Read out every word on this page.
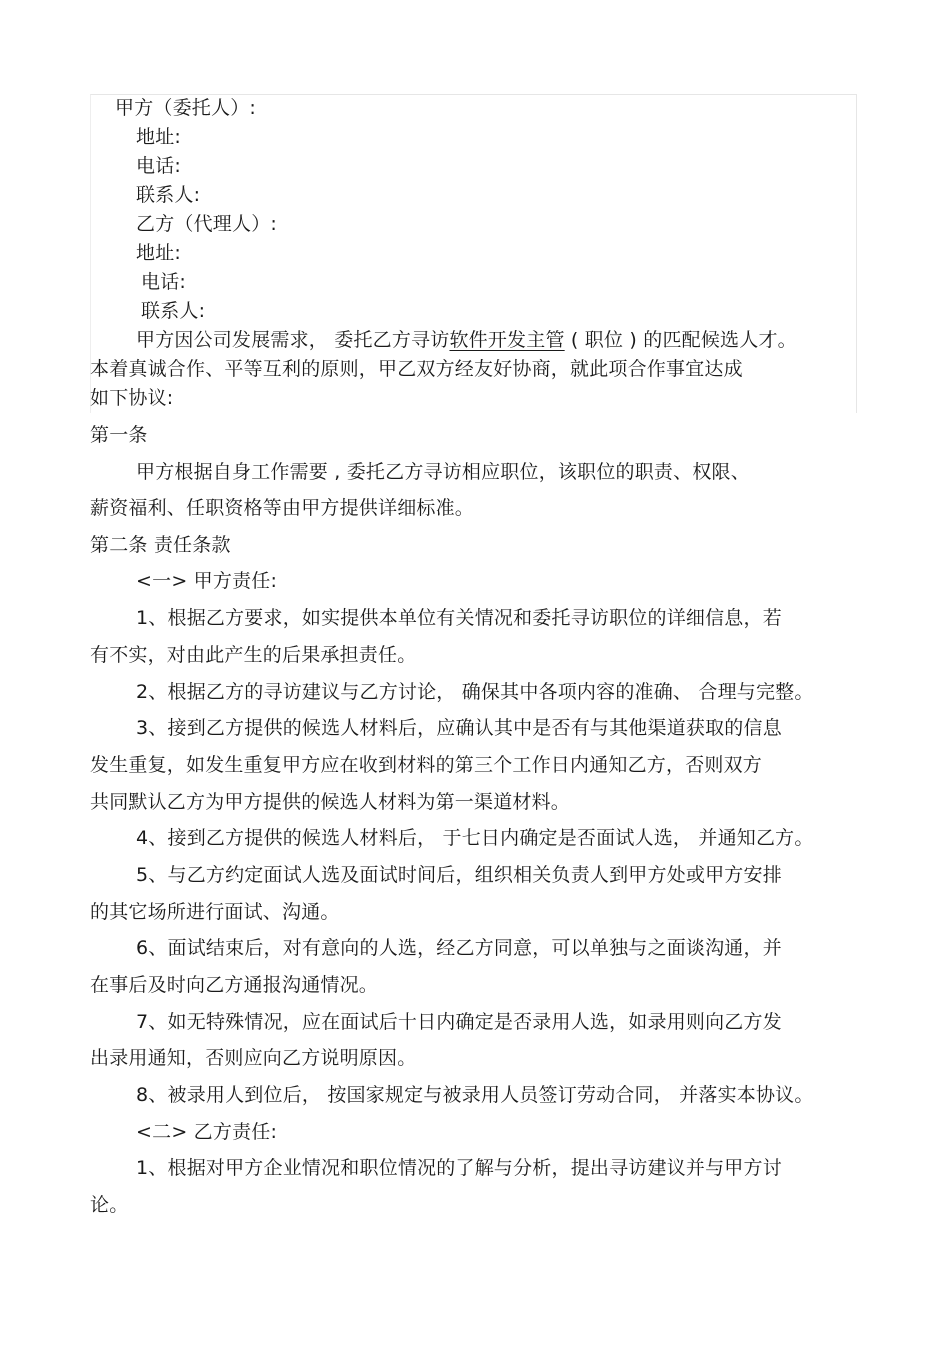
甲方（委托人）:
地址:
电话:
联系人:
乙方（代理人）:
地址:
电话:
联系人:
甲方因公司发展需求， 委托乙方寻访软件开发主管 ( 职位 ) 的匹配候选人才。
本着真诚合作、平等互利的原则，甲乙双方经友好协商，就此项合作事宜达成
如下协议:
第一条
甲方根据自身工作需要 , 委托乙方寻访相应职位，该职位的职责、权限、
薪资福利、任职资格等由甲方提供详细标准。
第二条 责任条款
<一> 甲方责任:
1、根据乙方要求，如实提供本单位有关情况和委托寻访职位的详细信息，若
有不实，对由此产生的后果承担责任。
2、根据乙方的寻访建议与乙方讨论， 确保其中各项内容的准确、 合理与完整。
3、接到乙方提供的候选人材料后，应确认其中是否有与其他渠道获取的信息
发生重复，如发生重复甲方应在收到材料的第三个工作日内通知乙方，否则双方
共同默认乙方为甲方提供的候选人材料为第一渠道材料。
4、接到乙方提供的候选人材料后， 于七日内确定是否面试人选， 并通知乙方。
5、与乙方约定面试人选及面试时间后，组织相关负责人到甲方处或甲方安排
的其它场所进行面试、沟通。
6、面试结束后，对有意向的人选，经乙方同意，可以单独与之面谈沟通，并
在事后及时向乙方通报沟通情况。
7、如无特殊情况，应在面试后十日内确定是否录用人选，如录用则向乙方发
出录用通知，否则应向乙方说明原因。
8、被录用人到位后， 按国家规定与被录用人员签订劳动合同， 并落实本协议。
<二> 乙方责任:
1、根据对甲方企业情况和职位情况的了解与分析，提出寻访建议并与甲方讨
论。
